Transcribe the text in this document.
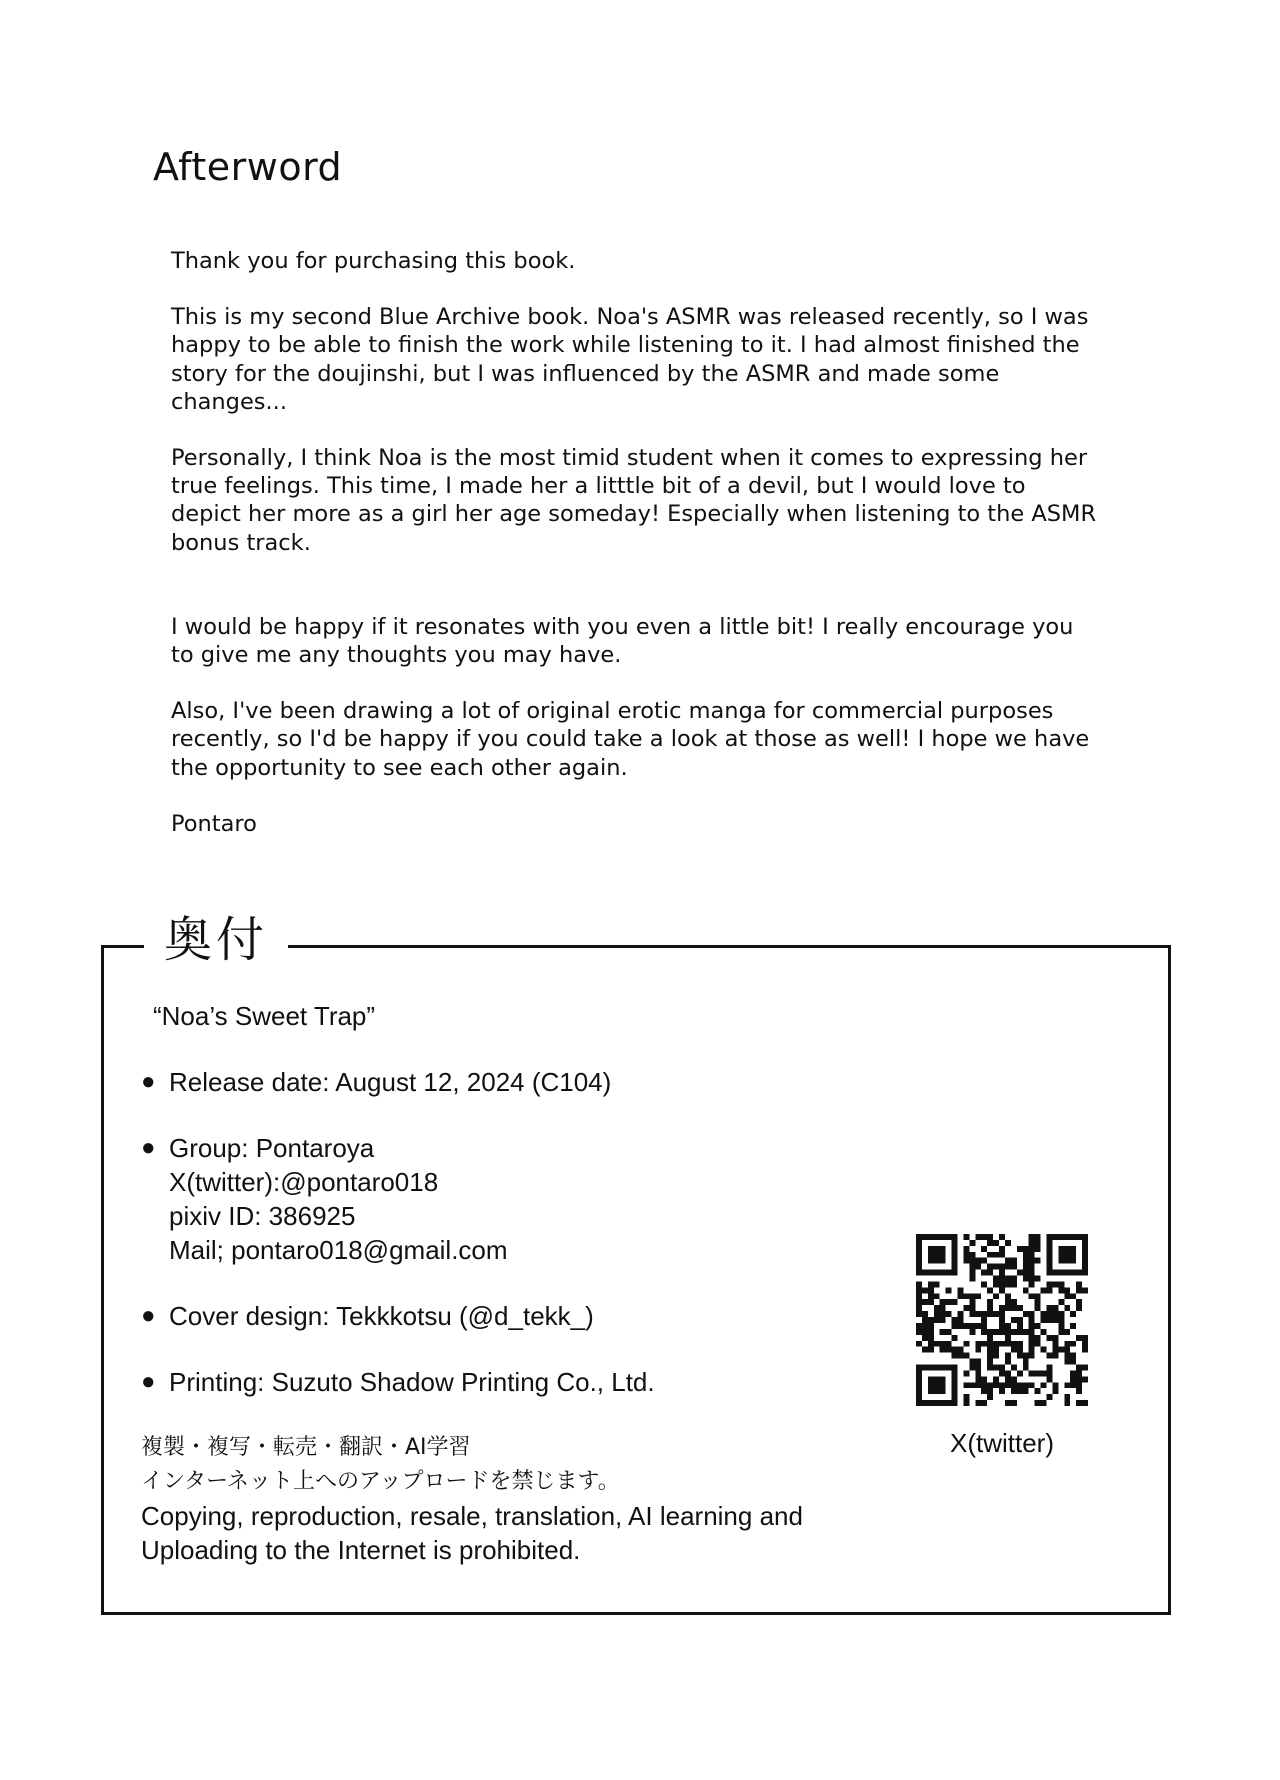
Afterword

Thank you for purchasing this book.

This is my second Blue Archive book. Noa's ASMR was released recently, so I was happy to be able to finish the work while listening to it. I had almost finished the story for the doujinshi, but I was influenced by the ASMR and made some changes...

Personally, I think Noa is the most timid student when it comes to expressing her true feelings. This time, I made her a litttle bit of a devil, but I would love to depict her more as a girl her age someday! Especially when listening to the ASMR bonus track.

I would be happy if it resonates with you even a little bit! I really encourage you to give me any thoughts you may have.

Also, I've been drawing a lot of original erotic manga for commercial purposes recently, so I'd be happy if you could take a look at those as well! I hope we have the opportunity to see each other again.

Pontaro

奥付
“Noa’s Sweet Trap”
● Release date: August 12, 2024 (C104)
● Group: Pontaroya
X(twitter):@pontaro018
pixiv ID: 386925
Mail; pontaro018@gmail.com
● Cover design: Tekkkotsu (@d_tekk_)
● Printing: Suzuto Shadow Printing Co., Ltd.
複製・複写・転売・翻訳・AI学習
インターネット上へのアップロードを禁じます。
Copying, reproduction, resale, translation, AI learning and
Uploading to the Internet is prohibited.
X(twitter)
